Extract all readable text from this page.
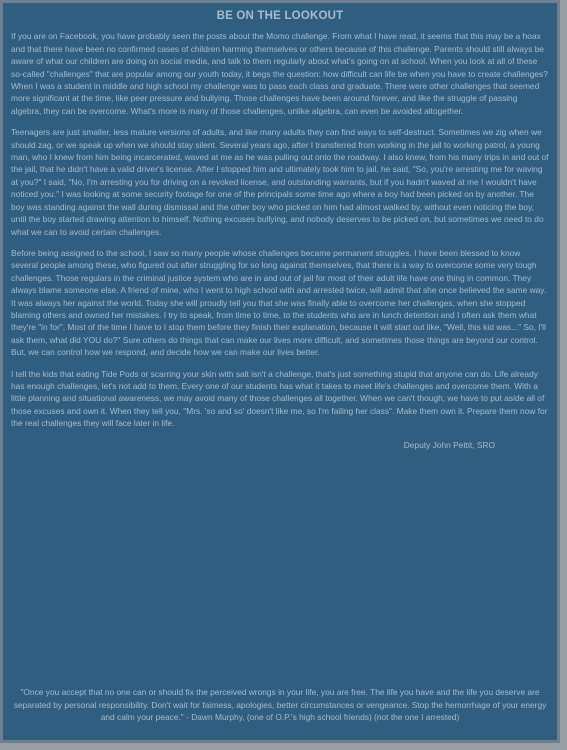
BE ON THE LOOKOUT

If you are on Facebook, you have probably seen the posts about the Momo challenge. From what I have read, it seems that this may be a hoax and that there have been no confirmed cases of children harming themselves or others because of this challenge. Parents should still always be aware of what our children are doing on social media, and talk to them regularly about what's going on at school. When you look at all of these so-called "challenges" that are popular among our youth today, it begs the question: how difficult can life be when you have to create challenges? When I was a student in middle and high school my challenge was to pass each class and graduate. There were other challenges that seemed more significant at the time, like peer pressure and bullying. Those challenges have been around forever, and like the struggle of passing algebra, they can be overcome. What's more is many of those challenges, unlike algebra, can even be avoided altogether.

Teenagers are just smaller, less mature versions of adults, and like many adults they can find ways to self-destruct. Sometimes we zig when we should zag, or we speak up when we should stay silent. Several years ago, after I transferred from working in the jail to working patrol, a young man, who I knew from him being incarcerated, waved at me as he was pulling out onto the roadway. I also knew, from his many trips in and out of the jail, that he didn't have a valid driver's license. After I stopped him and ultimately took him to jail, he said, "So, you're arresting me for waving at you?" I said, "No, I'm arresting you for driving on a revoked license, and outstanding warrants, but if you hadn't waved at me I wouldn't have noticed you." I was looking at some security footage for one of the principals some time ago where a boy had been picked on by another. The boy was standing against the wall during dismissal and the other boy who picked on him had almost walked by, without even noticing the boy, until the boy started drawing attention to himself. Nothing excuses bullying, and nobody deserves to be picked on, but sometimes we need to do what we can to avoid certain challenges.

Before being assigned to the school, I saw so many people whose challenges became permanent struggles. I have been blessed to know several people among these, who figured out after struggling for so long against themselves, that there is a way to overcome some very tough challenges. Those regulars in the criminal justice system who are in and out of jail for most of their adult life have one thing in common. They always blame someone else. A friend of mine, who I went to high school with and arrested twice, will admit that she once believed the same way. It was always her against the world. Today she will proudly tell you that she was finally able to overcome her challenges, when she stopped blaming others and owned her mistakes. I try to speak, from time to time, to the students who are in lunch detention and I often ask them what they're "in for". Most of the time I have to I stop them before they finish their explanation, because it will start out like, "Well, this kid was..." So, I'll ask them, what did YOU do?" Sure others do things that can make our lives more difficult, and sometimes those things are beyond our control. But, we can control how we respond, and decide how we can make our lives better.

I tell the kids that eating Tide Pods or scarring your skin with salt isn't a challenge, that's just something stupid that anyone can do. Life already has enough challenges, let's not add to them. Every one of our students has what it takes to meet life's challenges and overcome them. With a little planning and situational awareness, we may avoid many of those challenges all together. When we can't though, we have to put aside all of those excuses and own it. When they tell you, "Mrs. 'so and so' doesn't like me, so I'm failing her class". Make them own it. Prepare them now for the real challenges they will face later in life.

Deputy John Pettit, SRO
"Once you accept that no one can or should fix the perceived wrongs in your life, you are free. The life you have and the life you deserve are separated by personal responsibility. Don't wait for fairness, apologies, better circumstances or vengeance. Stop the hemorrhage of your energy and calm your peace." - Dawn Murphy, (one of O.P.'s high school friends) (not the one I arrested)
